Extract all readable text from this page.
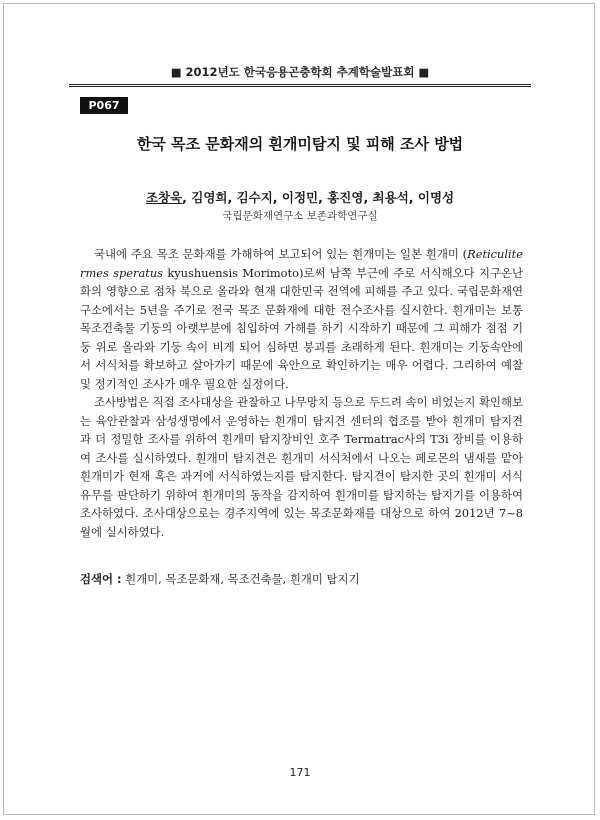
■ 2012년도 한국응용곤충학회 추계학술발표회 ■
P067
한국 목조 문화재의 흰개미탐지 및 피해 조사 방법
조창욱, 김영희, 김수지, 이정민, 홍진영, 최용석, 이명성
국립문화재연구소 보존과학연구실

국내에 주요 목조 문화재를 가해하여 보고되어 있는 흰개미는 일본 흰개미 (Reticulitermes speratus kyushuensis Morimoto)로써 남쪽 부근에 주로 서식해오다 지구온난화의 영향으로 점차 북으로 올라와 현재 대한민국 전역에 피해를 주고 있다. 국립문화재연구소에서는 5년을 주기로 전국 목조 문화재에 대한 전수조사를 실시한다. 흰개미는 보통 목조건축물 기둥의 아랫부분에 침입하여 가해를 하기 시작하기 때문에 그 피해가 점점 기둥 위로 올라와 기둥 속이 비게 되어 심하면 붕괴를 초래하게 된다. 흰개미는 기둥속안에서 서식처를 확보하고 살아가기 때문에 육안으로 확인하기는 매우 어렵다. 그리하여 예찰 및 정기적인 조사가 매우 필요한 실정이다.

조사방법은 직접 조사대상을 관찰하고 나무망치 등으로 두드려 속이 비었는지 확인해보는 육안관찰과 삼성생명에서 운영하는 흰개미 탐지견 센터의 협조를 받아 흰개미 탐지견과 더 정밀한 조사를 위하여 흰개미 탐지장비인 호주 Termatrac사의 T3i 장비를 이용하여 조사를 실시하였다. 흰개미 탐지견은 흰개미 서식처에서 나오는 페로몬의 냄새를 맡아 흰개미가 현재 혹은 과거에 서식하였는지를 탐지한다. 탐지견이 탐지한 곳의 흰개미 서식 유무를 판단하기 위하여 흰개미의 동작을 감지하여 흰개미를 탐지하는 탐지기를 이용하여 조사하였다. 조사대상으로는 경주지역에 있는 목조문화재를 대상으로 하여 2012년 7~8월에 실시하였다.

검색어 : 흰개미, 목조문화재, 목조건축물, 흰개미 탐지기
171
